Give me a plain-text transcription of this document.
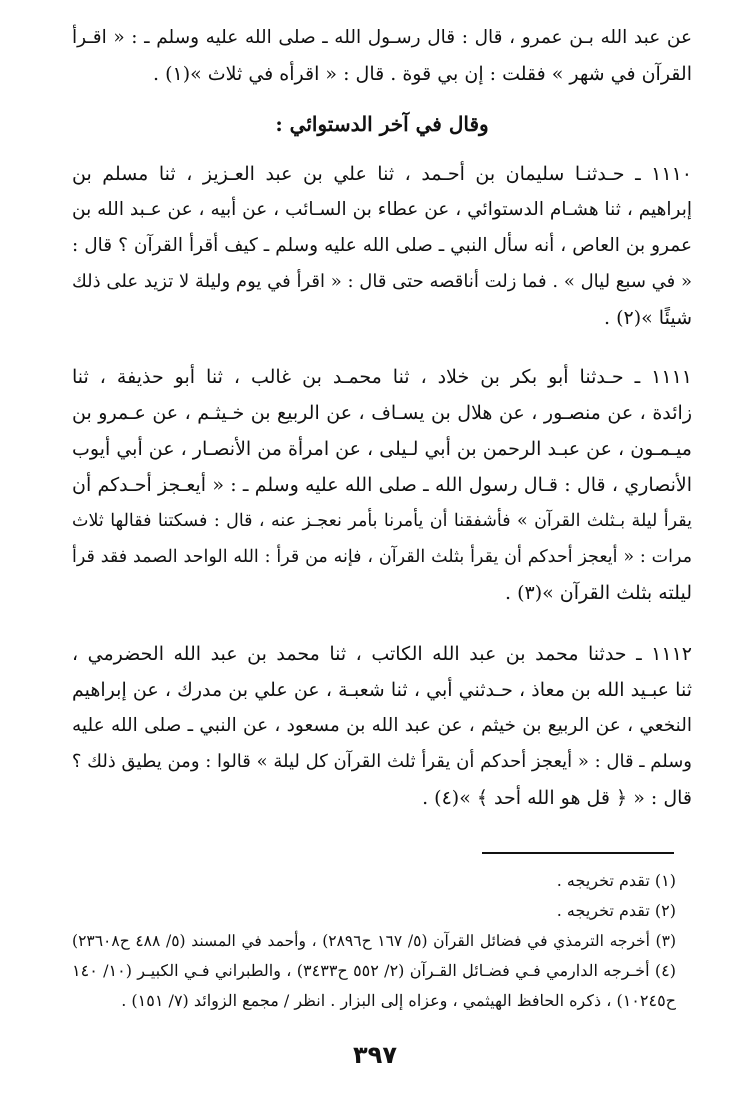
عن عبد الله بـن عمرو ، قال : قال رسـول الله ـ صلى الله عليه وسلم ـ : « اقـرأ
القرآن في شهر » فقلت : إن بي قوة . قال : « اقرأه في ثلاث »(١) .
وقال في آخر الدستوائي :
١١١٠ ـ حـدثنـا سليمان بن أحـمد ، ثنا علي بن عبد العـزيز ، ثنا مسلم بن
إبراهيم ، ثنا هشـام الدستوائي ، عن عطاء بن السـائب ، عن أبيه ، عن عـبد الله بن
عمرو بن العاص ، أنه سأل النبي ـ صلى الله عليه وسلم ـ كيف أقرأ القرآن ؟ قال :
« في سبع ليال » . فما زلت أناقصه حتى قال : « اقرأ في يوم وليلة لا تزيد على ذلك
شيئًا »(٢) .
١١١١ ـ حـدثنا أبو بكر بن خلاد ، ثنا محمـد بن غالب ، ثنا أبو حذيفة ، ثنا
زائدة ، عن منصـور ، عن هلال بن يسـاف ، عن الربيع بن خـيثـم ، عن عـمرو بن
ميـمـون ، عن عبـد الرحمن بن أبي لـيلى ، عن امرأة من الأنصـار ، عن أبي أيوب
الأنصاري ، قال : قـال رسول الله ـ صلى الله عليه وسلم ـ : « أيعـجز أحـدكم أن
يقرأ ليلة بـثلث القرآن » فأشفقنا أن يأمرنا بأمر نعجـز عنه ، قال : فسكتنا فقالها ثلاث
مرات : « أيعجز أحدكم أن يقرأ بثلث القرآن ، فإنه من قرأ : الله الواحد الصمد فقد قرأ
ليلته بثلث القرآن »(٣) .
١١١٢ ـ حدثنا محمد بن عبد الله الكاتب ، ثنا محمد بن عبد الله الحضرمي ،
ثنا عبـيد الله بن معاذ ، حـدثني أبي ، ثنا شعبـة ، عن علي بن مدرك ، عن إبراهيم
النخعي ، عن الربيع بن خيثم ، عن عبد الله بن مسعود ، عن النبي ـ صلى الله عليه
وسلم ـ قال : « أيعجز أحدكم أن يقرأ ثلث القرآن كل ليلة » قالوا : ومن يطيق ذلك ؟
قال : « ﴿ قل هو الله أحد ﴾ »(٤) .
(١) تقدم تخريجه .
(٢) تقدم تخريجه .
(٣) أخرجه الترمذي في فضائل القرآن (٥/ ١٦٧ ح٢٨٩٦) ، وأحمد في المسند (٥/ ٤٨٨ ح٢٣٦٠٨)
(٤) أخـرجه الدارمي فـي فضـائل القـرآن (٢/ ٥٥٢ ح٣٤٣٣) ، والطبراني فـي الكبيـر (١٠/ ١٤٠
ح١٠٢٤٥) ، ذكره الحافظ الهيثمي ، وعزاه إلى البزار . انظر / مجمع الزوائد (٧/ ١٥١) .
٣٩٧
